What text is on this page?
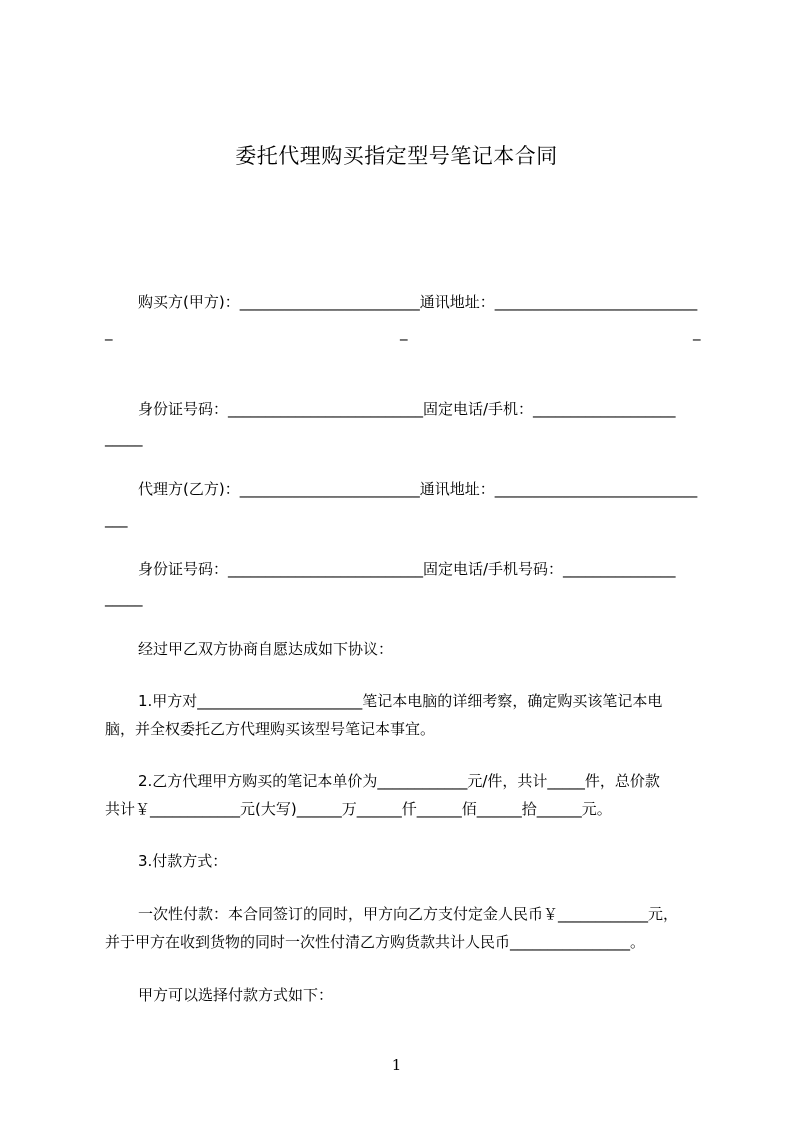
委托代理购买指定型号笔记本合同
购买方(甲方)：________________________通讯地址：___________________________
_	_	_
身份证号码：__________________________固定电话/手机：___________________
_____
代理方(乙方)：________________________通讯地址：___________________________
___
身份证号码：__________________________固定电话/手机号码：_______________
_____
经过甲乙双方协商自愿达成如下协议：
1.甲方对______________________笔记本电脑的详细考察，确定购买该笔记本电
脑，并全权委托乙方代理购买该型号笔记本事宜。
2.乙方代理甲方购买的笔记本单价为____________元/件，共计_____件，总价款
共计￥____________元(大写)______万______仟______佰______拾______元。
3.付款方式：
一次性付款：本合同签订的同时，甲方向乙方支付定金人民币￥____________元，
并于甲方在收到货物的同时一次性付清乙方购货款共计人民币________________。
甲方可以选择付款方式如下：
1
